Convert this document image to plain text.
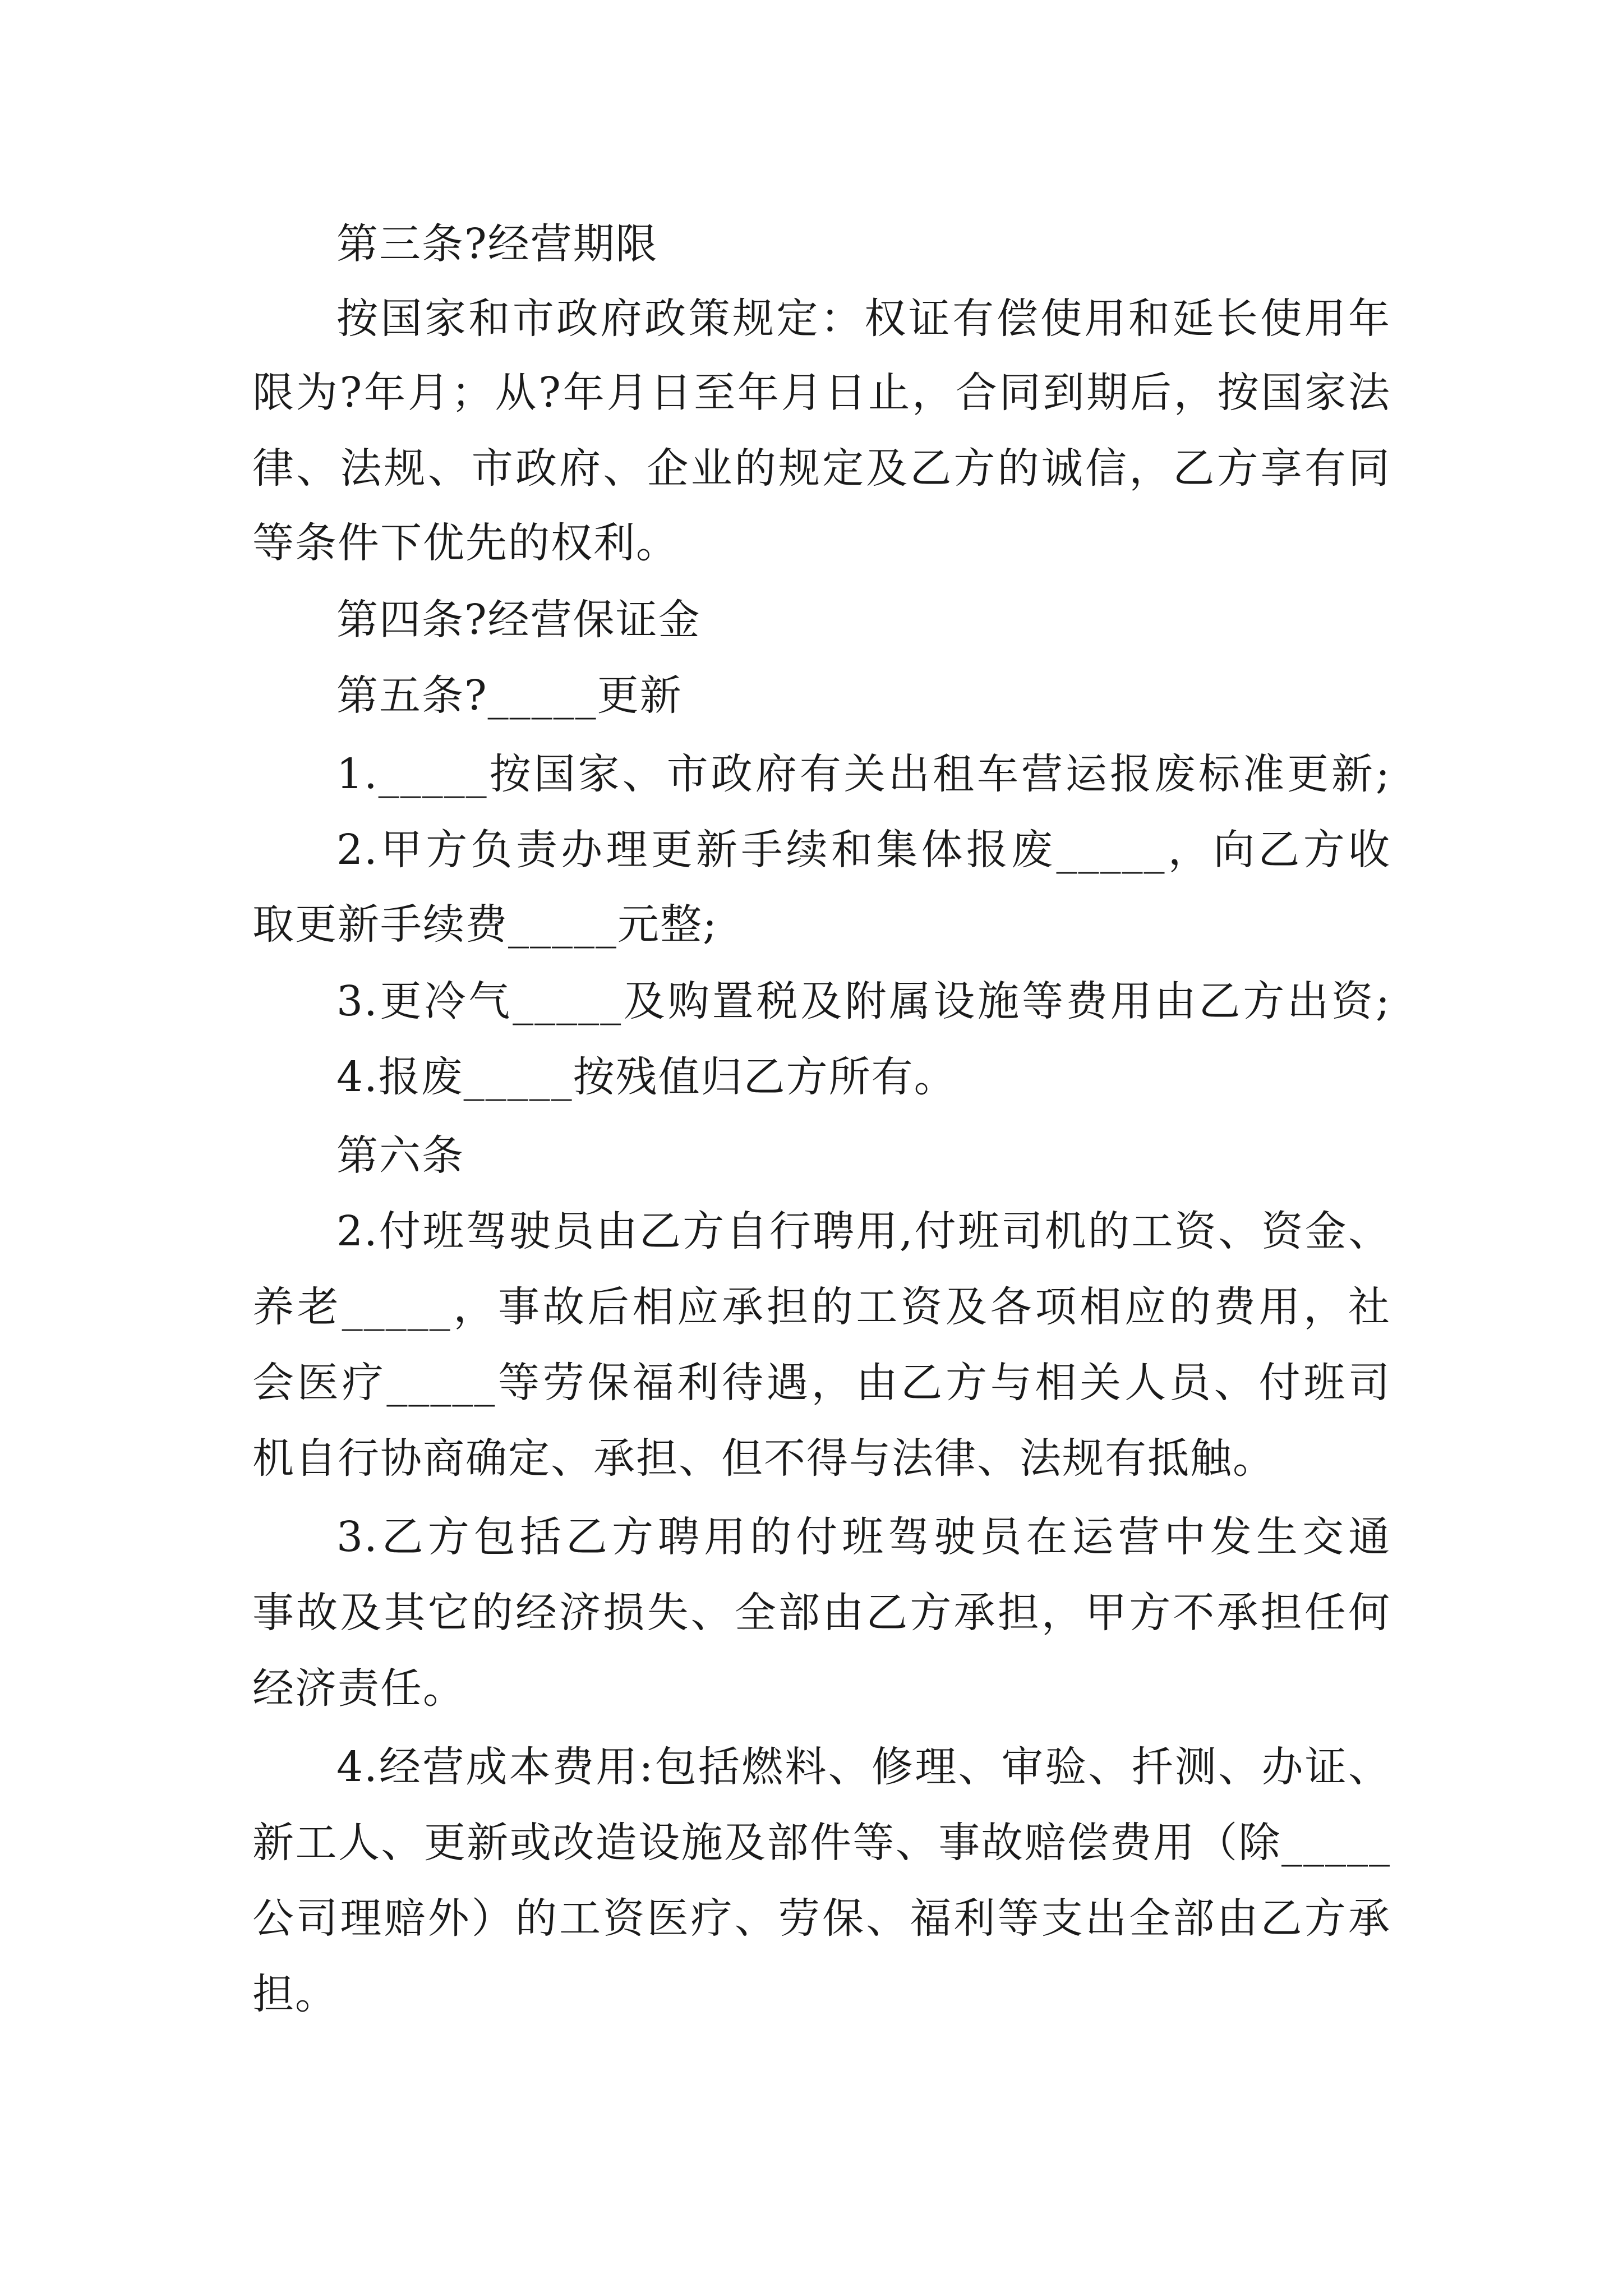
第三条?经营期限
按国家和市政府政策规定：权证有偿使用和延长使用年
限为?年月；从?年月日至年月日止，合同到期后，按国家法
律、法规、市政府、企业的规定及乙方的诚信，乙方享有同
等条件下优先的权利。
第四条?经营保证金
第五条?_____更新
1._____按国家、市政府有关出租车营运报废标准更新;
2.甲方负责办理更新手续和集体报废_____，向乙方收
取更新手续费_____元整;
3.更冷气_____及购置税及附属设施等费用由乙方出资;
4.报废_____按残值归乙方所有。
第六条
2.付班驾驶员由乙方自行聘用,付班司机的工资、资金、
养老_____，事故后相应承担的工资及各项相应的费用，社
会医疗_____等劳保福利待遇，由乙方与相关人员、付班司
机自行协商确定、承担、但不得与法律、法规有抵触。
3.乙方包括乙方聘用的付班驾驶员在运营中发生交通
事故及其它的经济损失、全部由乙方承担，甲方不承担任何
经济责任。
4.经营成本费用:包括燃料、修理、审验、扦测、办证、
新工人、更新或改造设施及部件等、事故赔偿费用（除_____
公司理赔外）的工资医疗、劳保、福利等支出全部由乙方承
担。
